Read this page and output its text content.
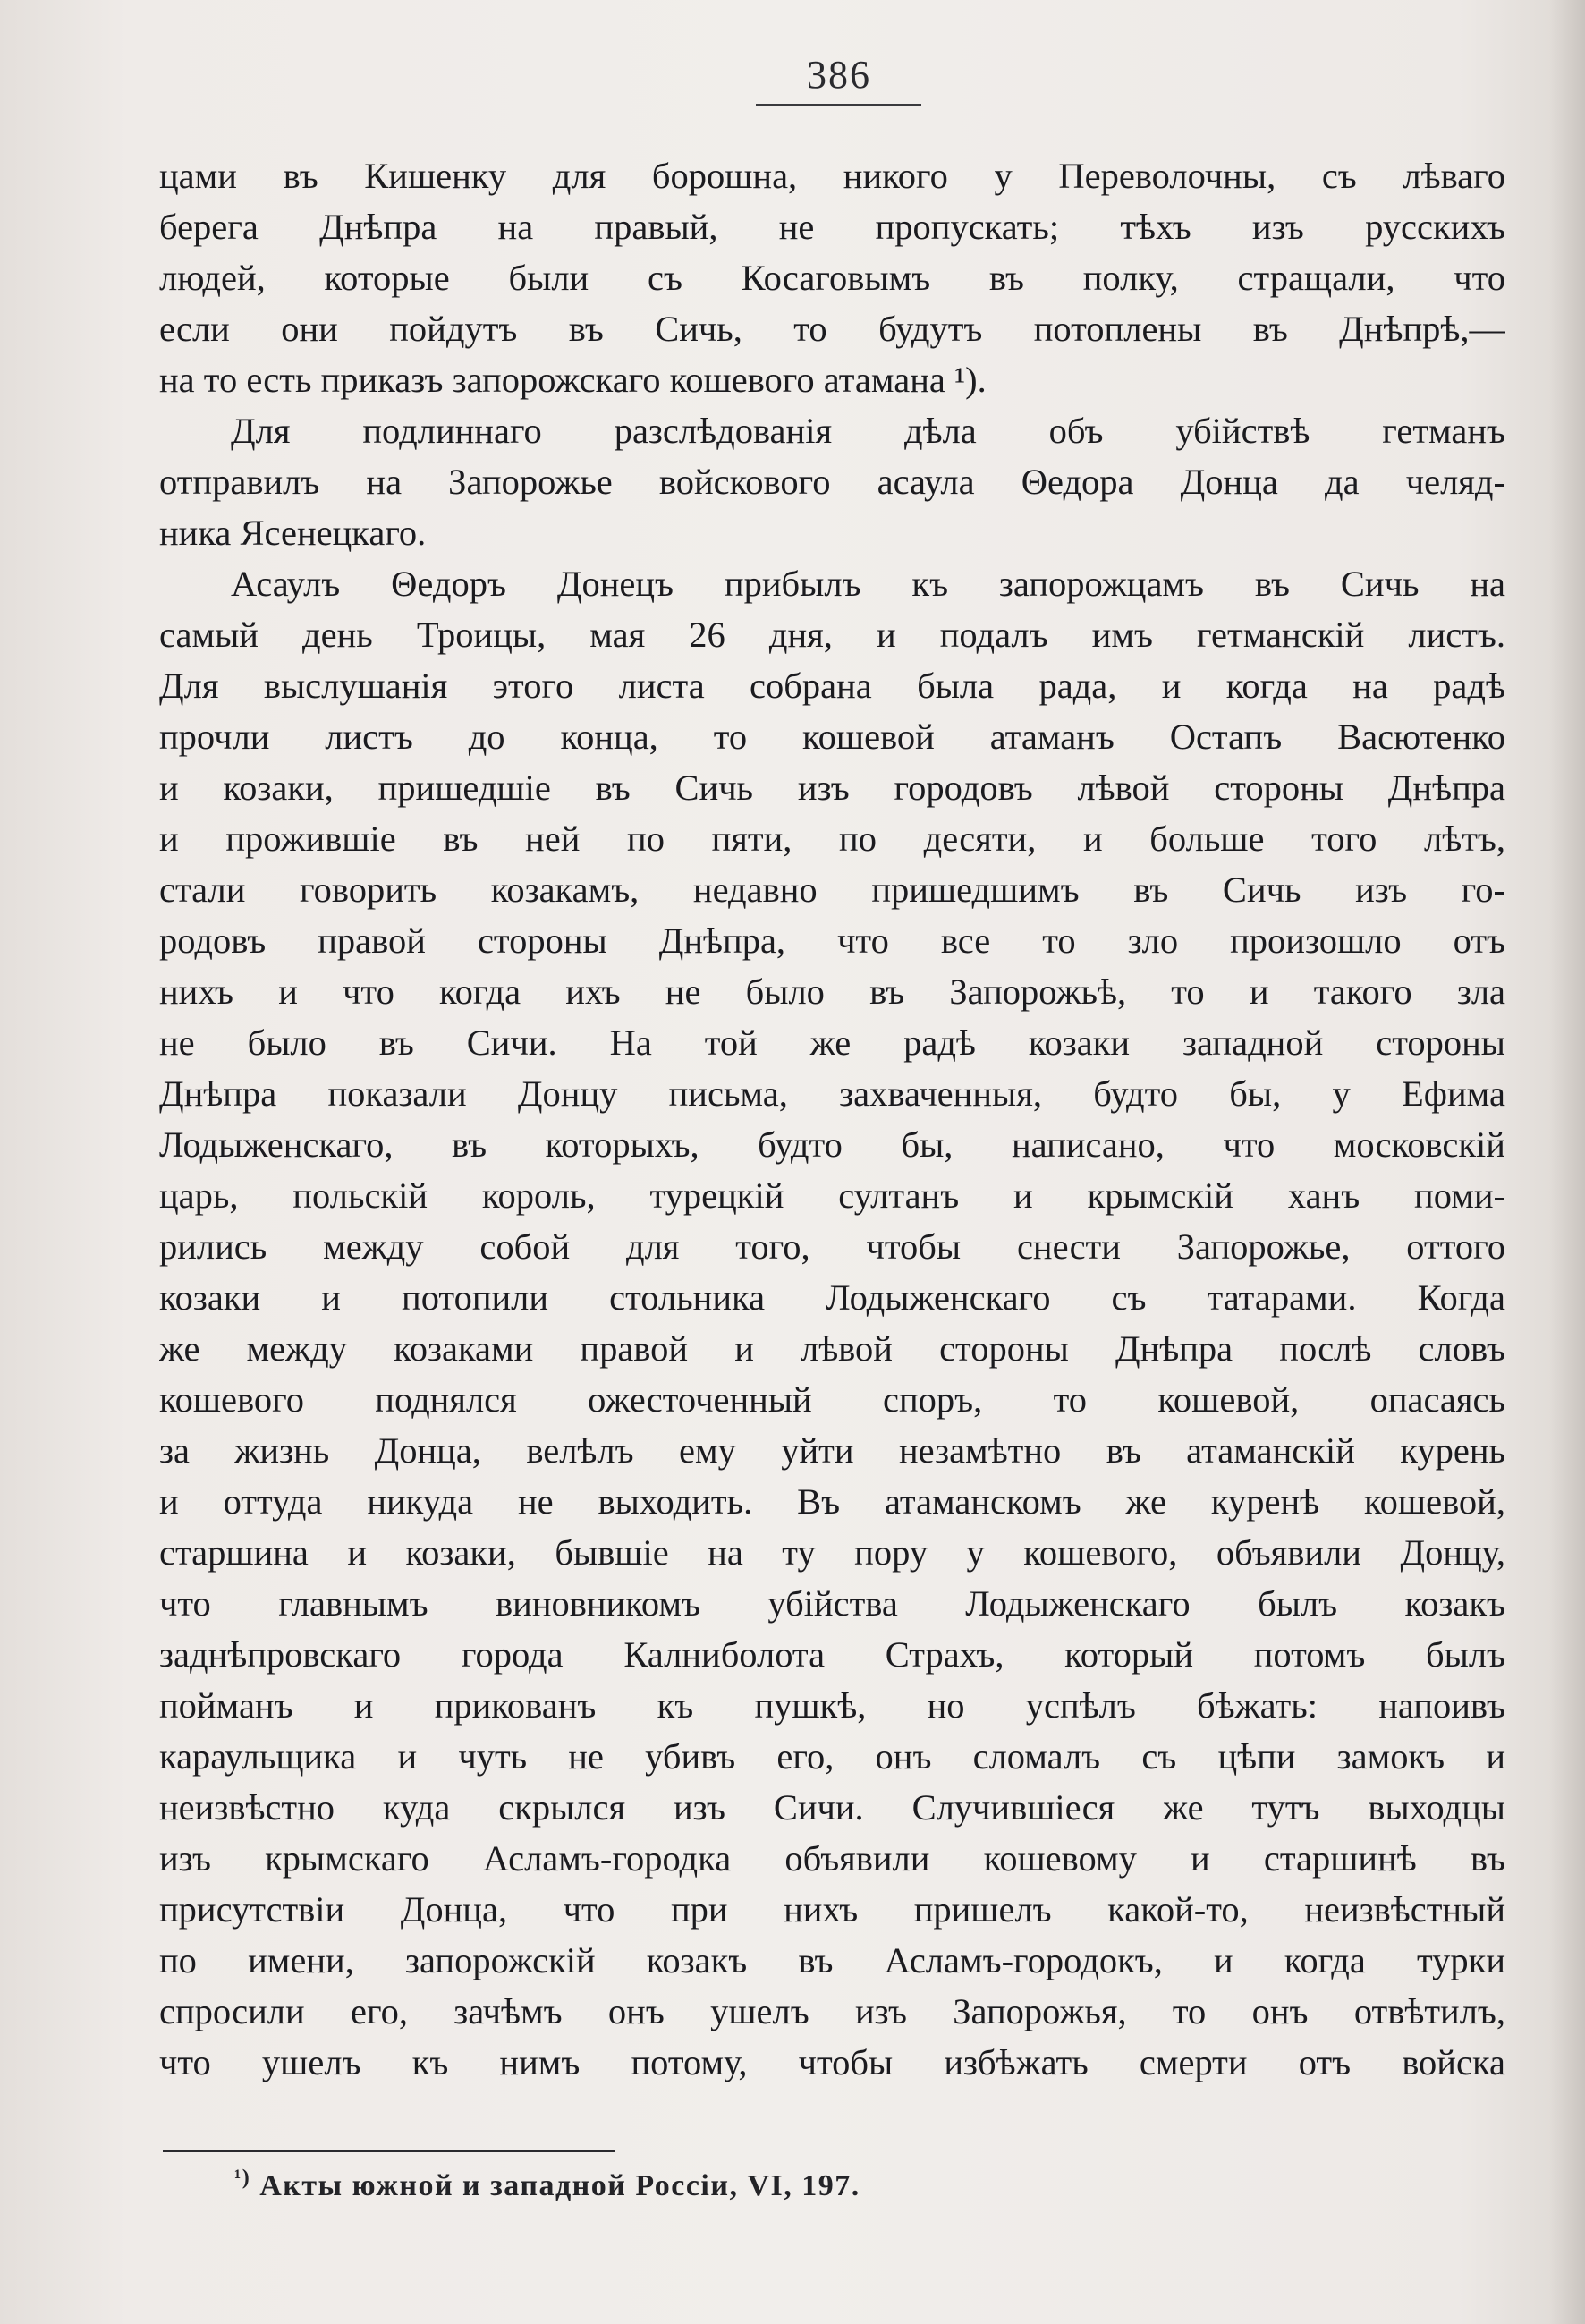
386
цами въ Кишенку для борошна, никого у Переволочны, съ лѣваго
берега Днѣпра на правый, не пропускать; тѣхъ изъ русскихъ
людей, которые были съ Косаговымъ въ полку, стращали, что
если они пойдутъ въ Сичь, то будутъ потоплены въ Днѣпрѣ,—
на то есть приказъ запорожскаго кошевого атамана ¹).
Для подлиннаго разслѣдованія дѣла объ убійствѣ гетманъ
отправилъ на Запорожье войскового асаула Θедора Донца да челяд-
ника Ясенецкаго.
Асаулъ Θедоръ Донецъ прибылъ къ запорожцамъ въ Сичь на
самый день Троицы, мая 26 дня, и подалъ имъ гетманскій листъ.
Для выслушанія этого листа собрана была рада, и когда на радѣ
прочли листъ до конца, то кошевой атаманъ Остапъ Васютенко
и козаки, пришедшіе въ Сичь изъ городовъ лѣвой стороны Днѣпра
и прожившіе въ ней по пяти, по десяти, и больше того лѣтъ,
стали говорить козакамъ, недавно пришедшимъ въ Сичь изъ го-
родовъ правой стороны Днѣпра, что все то зло произошло отъ
нихъ и что когда ихъ не было въ Запорожьѣ, то и такого зла
не было въ Сичи. На той же радѣ козаки западной стороны
Днѣпра показали Донцу письма, захваченныя, будто бы, у Ефима
Лодыженскаго, въ которыхъ, будто бы, написано, что московскій
царь, польскій король, турецкій султанъ и крымскій ханъ поми-
рились между собой для того, чтобы снести Запорожье, оттого
козаки и потопили стольника Лодыженскаго съ татарами. Когда
же между козаками правой и лѣвой стороны Днѣпра послѣ словъ
кошевого поднялся ожесточенный споръ, то кошевой, опасаясь
за жизнь Донца, велѣлъ ему уйти незамѣтно въ атаманскій курень
и оттуда никуда не выходить. Въ атаманскомъ же куренѣ кошевой,
старшина и козаки, бывшіе на ту пору у кошевого, объявили Донцу,
что главнымъ виновникомъ убійства Лодыженскаго былъ козакъ
заднѣпровскаго города Калниболота Страхъ, который потомъ былъ
пойманъ и прикованъ къ пушкѣ, но успѣлъ бѣжать: напоивъ
караульщика и чуть не убивъ его, онъ сломалъ съ цѣпи замокъ и
неизвѣстно куда скрылся изъ Сичи. Случившіеся же тутъ выходцы
изъ крымскаго Асламъ-городка объявили кошевому и старшинѣ въ
присутствіи Донца, что при нихъ пришелъ какой-то, неизвѣстный
по имени, запорожскій козакъ въ Асламъ-городокъ, и когда турки
спросили его, зачѣмъ онъ ушелъ изъ Запорожья, то онъ отвѣтилъ,
что ушелъ къ нимъ потому, чтобы избѣжать смерти отъ войска
$^{^1)}$ Акты южной и западной Россіи, VI, 197.
